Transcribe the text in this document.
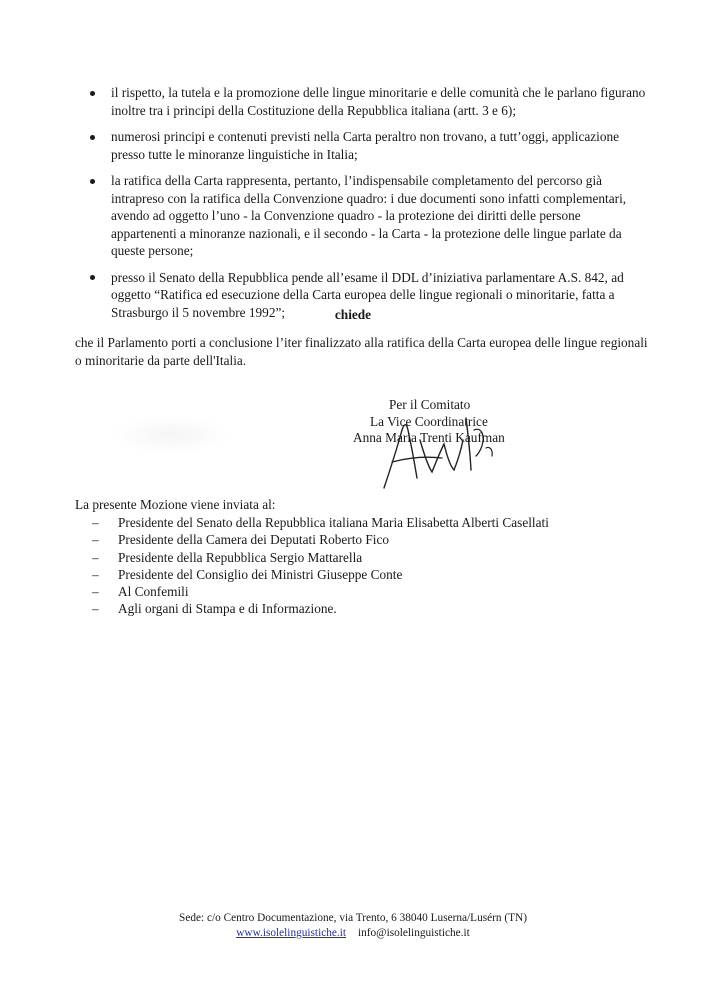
il rispetto, la tutela e la promozione delle lingue minoritarie e delle comunità che le parlano figurano inoltre tra i principi della Costituzione della Repubblica italiana (artt. 3 e 6);
numerosi principi e contenuti previsti nella Carta peraltro non trovano, a tutt’oggi, applicazione presso tutte le minoranze linguistiche in Italia;
la ratifica della Carta rappresenta, pertanto, l’indispensabile completamento del percorso già intrapreso con la ratifica della Convenzione quadro: i due documenti sono infatti complementari, avendo ad oggetto l’uno - la Convenzione quadro - la protezione dei diritti delle persone appartenenti a minoranze nazionali, e il secondo - la Carta - la protezione delle lingue parlate da queste persone;
presso il Senato della Repubblica pende all’esame il DDL d’iniziativa parlamentare A.S. 842, ad oggetto “Ratifica ed esecuzione della Carta europea delle lingue regionali o minoritarie, fatta a Strasburgo il 5 novembre 1992”;	chiede
che il Parlamento porti a conclusione l’iter finalizzato alla ratifica della Carta europea delle lingue regionali o minoritarie da parte dell'Italia.
Per il Comitato
La Vice Coordinatrice
Anna Maria Trenti Kaufman
La presente Mozione viene inviata al:
– Presidente del Senato della Repubblica italiana Maria Elisabetta Alberti Casellati
– Presidente della Camera dei Deputati Roberto Fico
– Presidente della Repubblica Sergio Mattarella
– Presidente del Consiglio dei Ministri Giuseppe Conte
– Al Confemili
– Agli organi di Stampa e di Informazione.
Sede: c/o Centro Documentazione, via Trento, 6 38040 Luserna/Lusérn (TN)
www.isolelinguistiche.it info@isolelinguistiche.it
